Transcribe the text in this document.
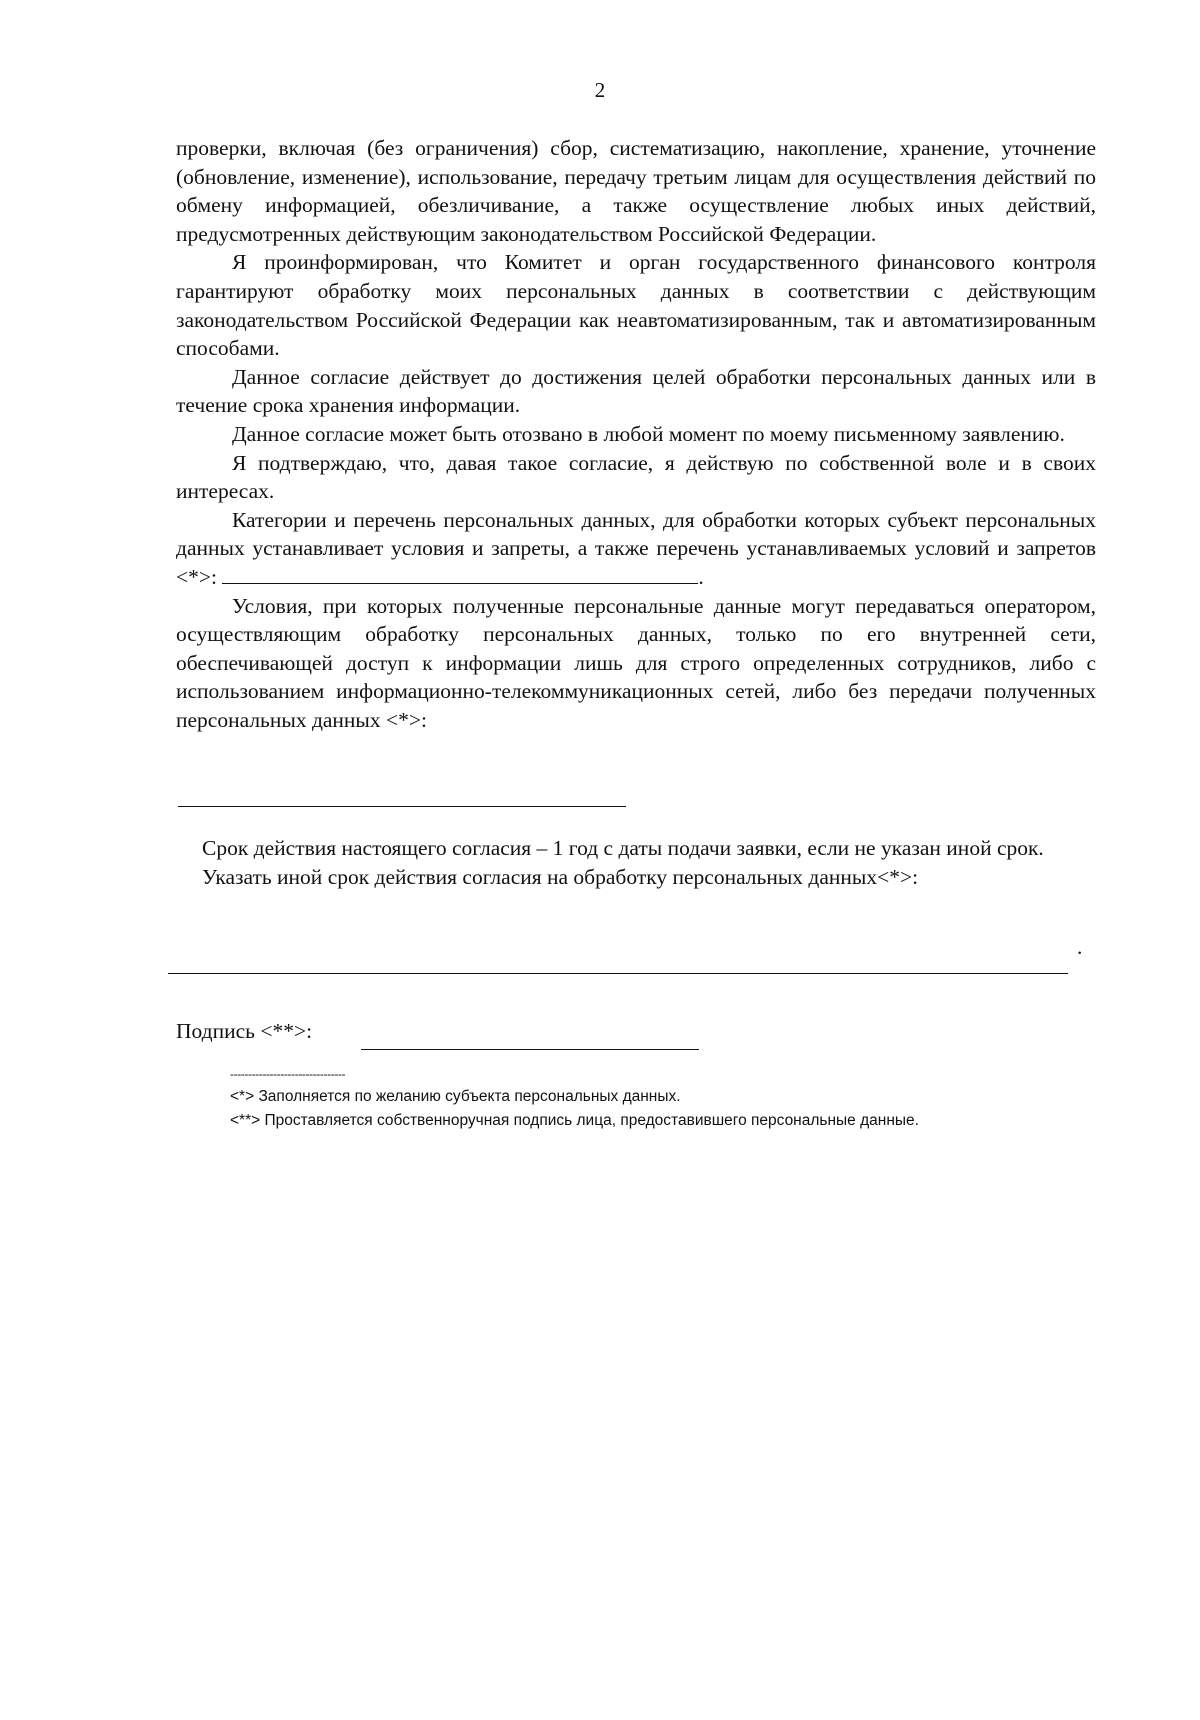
2

проверки, включая (без ограничения) сбор, систематизацию, накопление, хранение, уточнение (обновление, изменение), использование, передачу третьим лицам для осуществления действий по обмену информацией, обезличивание, а также осуществление любых иных действий, предусмотренных действующим законодательством Российской Федерации.

Я проинформирован, что Комитет и орган государственного финансового контроля гарантируют обработку моих персональных данных в соответствии с действующим законодательством Российской Федерации как неавтоматизированным, так и автоматизированным способами.

Данное согласие действует до достижения целей обработки персональных данных или в течение срока хранения информации.

Данное согласие может быть отозвано в любой момент по моему письменному заявлению.

Я подтверждаю, что, давая такое согласие, я действую по собственной воле и в своих интересах.

Категории и перечень персональных данных, для обработки которых субъект персональных данных устанавливает условия и запреты, а также перечень устанавливаемых условий и запретов <*>:	.

Условия, при которых полученные персональные данные могут передаваться оператором, осуществляющим обработку персональных данных, только по его внутренней сети, обеспечивающей доступ к информации лишь для строго определенных сотрудников, либо с использованием информационно-телекоммуникационных сетей, либо без передачи полученных персональных данных <*>:

Срок действия настоящего согласия – 1 год с даты подачи заявки, если не указан иной срок.

Указать иной срок действия согласия на обработку персональных данных<*>:

.
Подпись <**>:
--------------------------------

<*> Заполняется по желанию субъекта персональных данных.

<**> Проставляется собственноручная подпись лица, предоставившего персональные данные.
